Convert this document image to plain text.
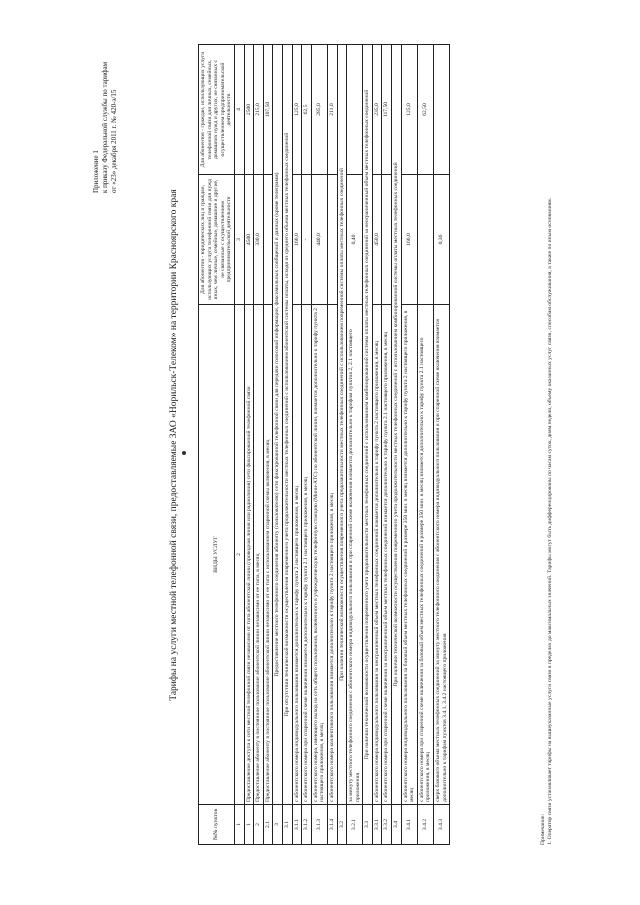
Приложение 1 к приказу Федеральной службы по тарифам от «23» декабря 2011 г. № 420-э/15
Тарифы на услуги местной телефонной связи, предоставляемые ЗАО «Норильск-Телеком» на территории Красноярского края
№№ пунктов	ВИДЫ УСЛУГ	Для абонентов - юридических лиц и граждан, использующих услуги телефонной связи для нужд иных, чем личные, семейные, домашние и другие, не связанные с осуществлением предпринимательской деятельности	Для абонентов - граждан, использующих услуги телефонной связи для личных, семейных, домашних нужд и других, не связанных с осуществлением предпринимательской деятельности
1	2	3	4
1	Предоставление доступа к сети местной телефонной связи независимо от типа абонентской линии (проводная линия или радиолиния) сети фиксированной телефонной связи	4500	2500
2	Предоставление абоненту в постоянное пользование абонентской линии независимо от ее типа, в месяц	330,0	215,0
2.1	Предоставление абоненту в постоянное пользование абонентской линии независимо от ее типа с использованием спаренной схемы включения, в месяц		107,50
3	Предоставление местного телефонного соединения абоненту (пользователю) сети фиксированной телефонной связи для передачи голосовой информации, факсимильных сообщений и данных (кроме телеграмм)		
3.1	При отсутствии технической возможности осуществления повременного учета продолжительности местных телефонных соединений с использованием абонентской системы оплаты, исходя из среднего объема местных телефонных соединений		
3.1.1	с абонентского номера индивидуального пользования взимается дополнительно к тарифу пункта 2 настоящего приложения, в месяц	166,0	125,0
3.1.2	с абонентского номера при спаренной схеме включения взимается дополнительно к тарифу пункта 2.1 настоящего приложения, в месяц	-	62,5
3.1.3	с абонентского номера, имеющего выход на сеть общего пользования, включенного в учрежденческую телефонную станцию (Мини-АТС) по абонентской линии, взимается дополнительно к тарифу пункта 2 настоящего приложения, в месяц	440,0	285,0
3.1.4	с абонентского номера коллективного пользования взимается дополнительно к тарифу пункта 2 настоящего приложения, в месяц		211,0
3.2	При наличии технической возможности осуществления повременного учета продолжительности местных телефонных соединений с использованием повременной системы оплаты местных телефонных соединений		
3.2.1	за минуту местного телефонного соединения с абонентского номера индивидуального пользования и при спаренной схеме включения взимается дополнительно к тарифам пунктов 2, 2.1 настоящего приложения	0,40	
3.3	При наличии технической возможности осуществления повременного учета продолжительности местных телефонных соединений с использованием комбинированной системы оплаты местных телефонных соединений за неограниченный объем местных телефонных соединений		
3.3.1	с абонентского номера индивидуального пользования за неограниченный объем местных телефонных соединений взимается дополнительно к тарифу пункта 2 настоящего приложения, в месяц	450,0	235,0
3.3.2	с абонентского номера при спаренной схеме включения за неограниченный объем местных телефонных соединений взимается дополнительно к тарифу пункта 2.1 настоящего приложения, в месяц		117,50
3.4	При наличии технической возможности осуществления повременного учета продолжительности местных телефонных соединений с использованием комбинированной системы оплаты местных телефонных соединений		
3.4.1	с абонентского номера индивидуального пользования за базовый объем местных телефонных соединений в размере 350 мин. в месяц взимается дополнительно к тарифу пункта 2 настоящего приложения, в месяц	166,0	125,0
3.4.2	с абонентского номера при спаренной схеме включения за базовый объем местных телефонных соединений в размере 350 мин. в месяц взимается дополнительно к тарифу пункта 2.1 настоящего приложения, в месяц		62,50
3.4.3	сверх базового объема местных телефонных соединений за минуту местного телефонного соединения с абонентского номера индивидуального пользования и при спаренной схеме включения взимается дополнительно к тарифам пунктов 3.4.1, 3.4.2 настоящего приложения	0,36	
Примечание: 1. Оператор связи устанавливает тарифы на вышеуказанные услуги связи в пределах до максимальных значений. Тарифы могут быть дифференцированы по часам суток, дням недели, объему оказанных услуг связи, способам обслуживания, а также по иным основаниям.
